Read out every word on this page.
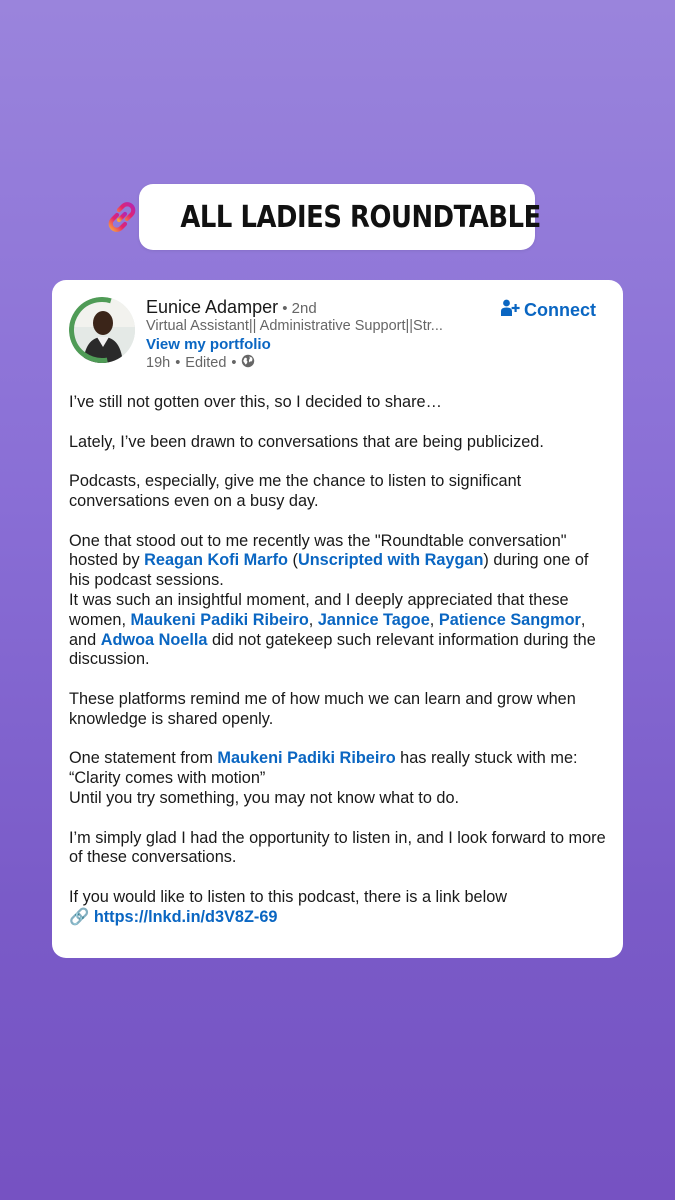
ALL LADIES ROUNDTABLE
Eunice Adamper • 2nd
Virtual Assistant|| Administrative Support||Str...
View my portfolio
19h • Edited •
Connect

I’ve still not gotten over this, so I decided to share…

Lately, I’ve been drawn to conversations that are being publicized.

Podcasts, especially, give me the chance to listen to significant conversations even on a busy day.

One that stood out to me recently was the "Roundtable conversation" hosted by Reagan Kofi Marfo (Unscripted with Raygan) during one of his podcast sessions.
It was such an insightful moment, and I deeply appreciated that these women, Maukeni Padiki Ribeiro, Jannice Tagoe, Patience Sangmor, and Adwoa Noella did not gatekeep such relevant information during the discussion.

These platforms remind me of how much we can learn and grow when knowledge is shared openly.

One statement from Maukeni Padiki Ribeiro has really stuck with me:
“Clarity comes with motion”
Until you try something, you may not know what to do.

I’m simply glad I had the opportunity to listen in, and I look forward to more of these conversations.

If you would like to listen to this podcast, there is a link below
🔗 https://lnkd.in/d3V8Z-69
